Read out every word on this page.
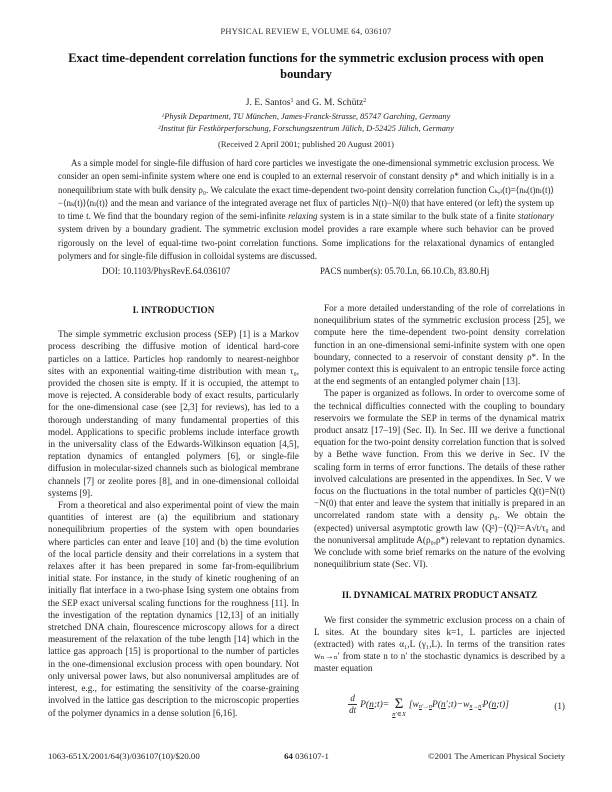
PHYSICAL REVIEW E, VOLUME 64, 036107
Exact time-dependent correlation functions for the symmetric exclusion process with open boundary
J. E. Santos$^1$ and G. M. Schütz$^2$
$^1$Physik Department, TU München, James-Franck-Strasse, 85747 Garching, Germany
$^2$Institut für Festkörperforschung, Forschungszentrum Jülich, D-52425 Jülich, Germany
(Received 2 April 2001; published 20 August 2001)
As a simple model for single-file diffusion of hard core particles we investigate the one-dimensional symmetric exclusion process. We consider an open semi-infinite system where one end is coupled to an external reservoir of constant density ρ* and which initially is in a nonequilibrium state with bulk density ρ₀. We calculate the exact time-dependent two-point density correlation function Cₖ,ₗ(t)=⟨nₖ(t)nₗ(t)⟩−⟨nₖ(t)⟩⟨nₗ(t)⟩ and the mean and variance of the integrated average net flux of particles N(t)−N(0) that have entered (or left) the system up to time t. We find that the boundary region of the semi-infinite relaxing system is in a state similar to the bulk state of a finite stationary system driven by a boundary gradient. The symmetric exclusion model provides a rare example where such behavior can be proved rigorously on the level of equal-time two-point correlation functions. Some implications for the relaxational dynamics of entangled polymers and for single-file diffusion in colloidal systems are discussed.
DOI: 10.1103/PhysRevE.64.036107	PACS number(s): 05.70.Ln, 66.10.Cb, 83.80.Hj
I. INTRODUCTION

The simple symmetric exclusion process (SEP) [1] is a Markov process describing the diffusive motion of identical hard-core particles on a lattice. Particles hop randomly to nearest-neighbor sites with an exponential waiting-time distribution with mean τ₀, provided the chosen site is empty. If it is occupied, the attempt to move is rejected. A considerable body of exact results, particularly for the one-dimensional case (see [2,3] for reviews), has led to a thorough understanding of many fundamental properties of this model. Applications to specific problems include interface growth in the universality class of the Edwards-Wilkinson equation [4,5], reptation dynamics of entangled polymers [6], or single-file diffusion in molecular-sized channels such as biological membrane channels [7] or zeolite pores [8], and in one-dimensional colloidal systems [9].

From a theoretical and also experimental point of view the main quantities of interest are (a) the equilibrium and stationary nonequilibrium properties of the system with open boundaries where particles can enter and leave [10] and (b) the time evolution of the local particle density and their correlations in a system that relaxes after it has been prepared in some far-from-equilibrium initial state. For instance, in the study of kinetic roughening of an initially flat interface in a two-phase Ising system one obtains from the SEP exact universal scaling functions for the roughness [11]. In the investigation of the reptation dynamics [12,13] of an initially stretched DNA chain, flourescence microscopy allows for a direct measurement of the relaxation of the tube length [14] which in the lattice gas approach [15] is proportional to the number of particles in the one-dimensional exclusion process with open boundary. Not only universal power laws, but also nonuniversal amplitudes are of interest, e.g., for estimating the sensitivity of the coarse-graining involved in the lattice gas description to the microscopic properties of the polymer dynamics in a dense solution [6,16].

For a more detailed understanding of the role of correlations in nonequilibrium states of the symmetric exclusion process [25], we compute here the time-dependent two-point density correlation function in an one-dimensional semi-infinite system with one open boundary, connected to a reservoir of constant density ρ*. In the polymer context this is equivalent to an entropic tensile force acting at the end segments of an entangled polymer chain [13].

The paper is organized as follows. In order to overcome some of the technical difficulties connected with the coupling to boundary reservoirs we formulate the SEP in terms of the dynamical matrix product ansatz [17–19] (Sec. II). In Sec. III we derive a functional equation for the two-point density correlation function that is solved by a Bethe wave function. From this we derive in Sec. IV the scaling form in terms of error functions. The details of these rather involved calculations are presented in the appendixes. In Sec. V we focus on the fluctuations in the total number of particles Q(t)=N(t)−N(0) that enter and leave the system that initially is prepared in an uncorrelated random state with a density ρ₀. We obtain the (expected) universal asymptotic growth law ⟨Q²⟩−⟨Q⟩²=A√t/τ₀ and the nonuniversal amplitude A(ρ₀,ρ*) relevant to reptation dynamics. We conclude with some brief remarks on the nature of the evolving nonequilibrium state (Sec. VI).

II. DYNAMICAL MATRIX PRODUCT ANSATZ

We first consider the symmetric exclusion process on a chain of L sites. At the boundary sites k=1, L particles are injected (extracted) with rates α₁,L (γ₁,L). In terms of the transition rates wₙ→ₙ′ from state n to n′ the stochastic dynamics is described by a master equation

$\frac{d}{dt}$ P(n;t)= Σ
n′∈X
$[w_{n'\to n}P(n';t)-w_{n\to n'}P(n;t)]$	(1)
1063-651X/2001/64(3)/036107(10)/$20.00	64 036107-1	©2001 The American Physical Society
